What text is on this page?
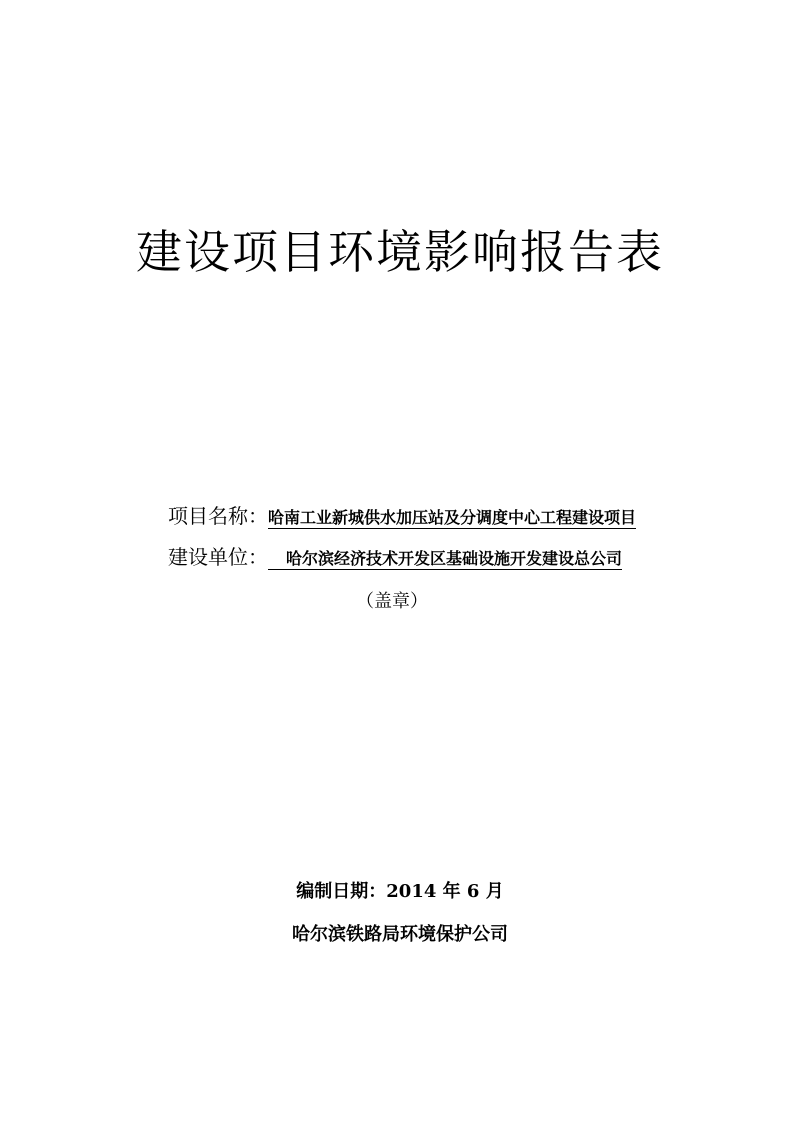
建设项目环境影响报告表
项目名称：哈南工业新城供水加压站及分调度中心工程建设项目
建设单位： 哈尔滨经济技术开发区基础设施开发建设总公司
（盖章）
编制日期：2014 年 6 月
哈尔滨铁路局环境保护公司
